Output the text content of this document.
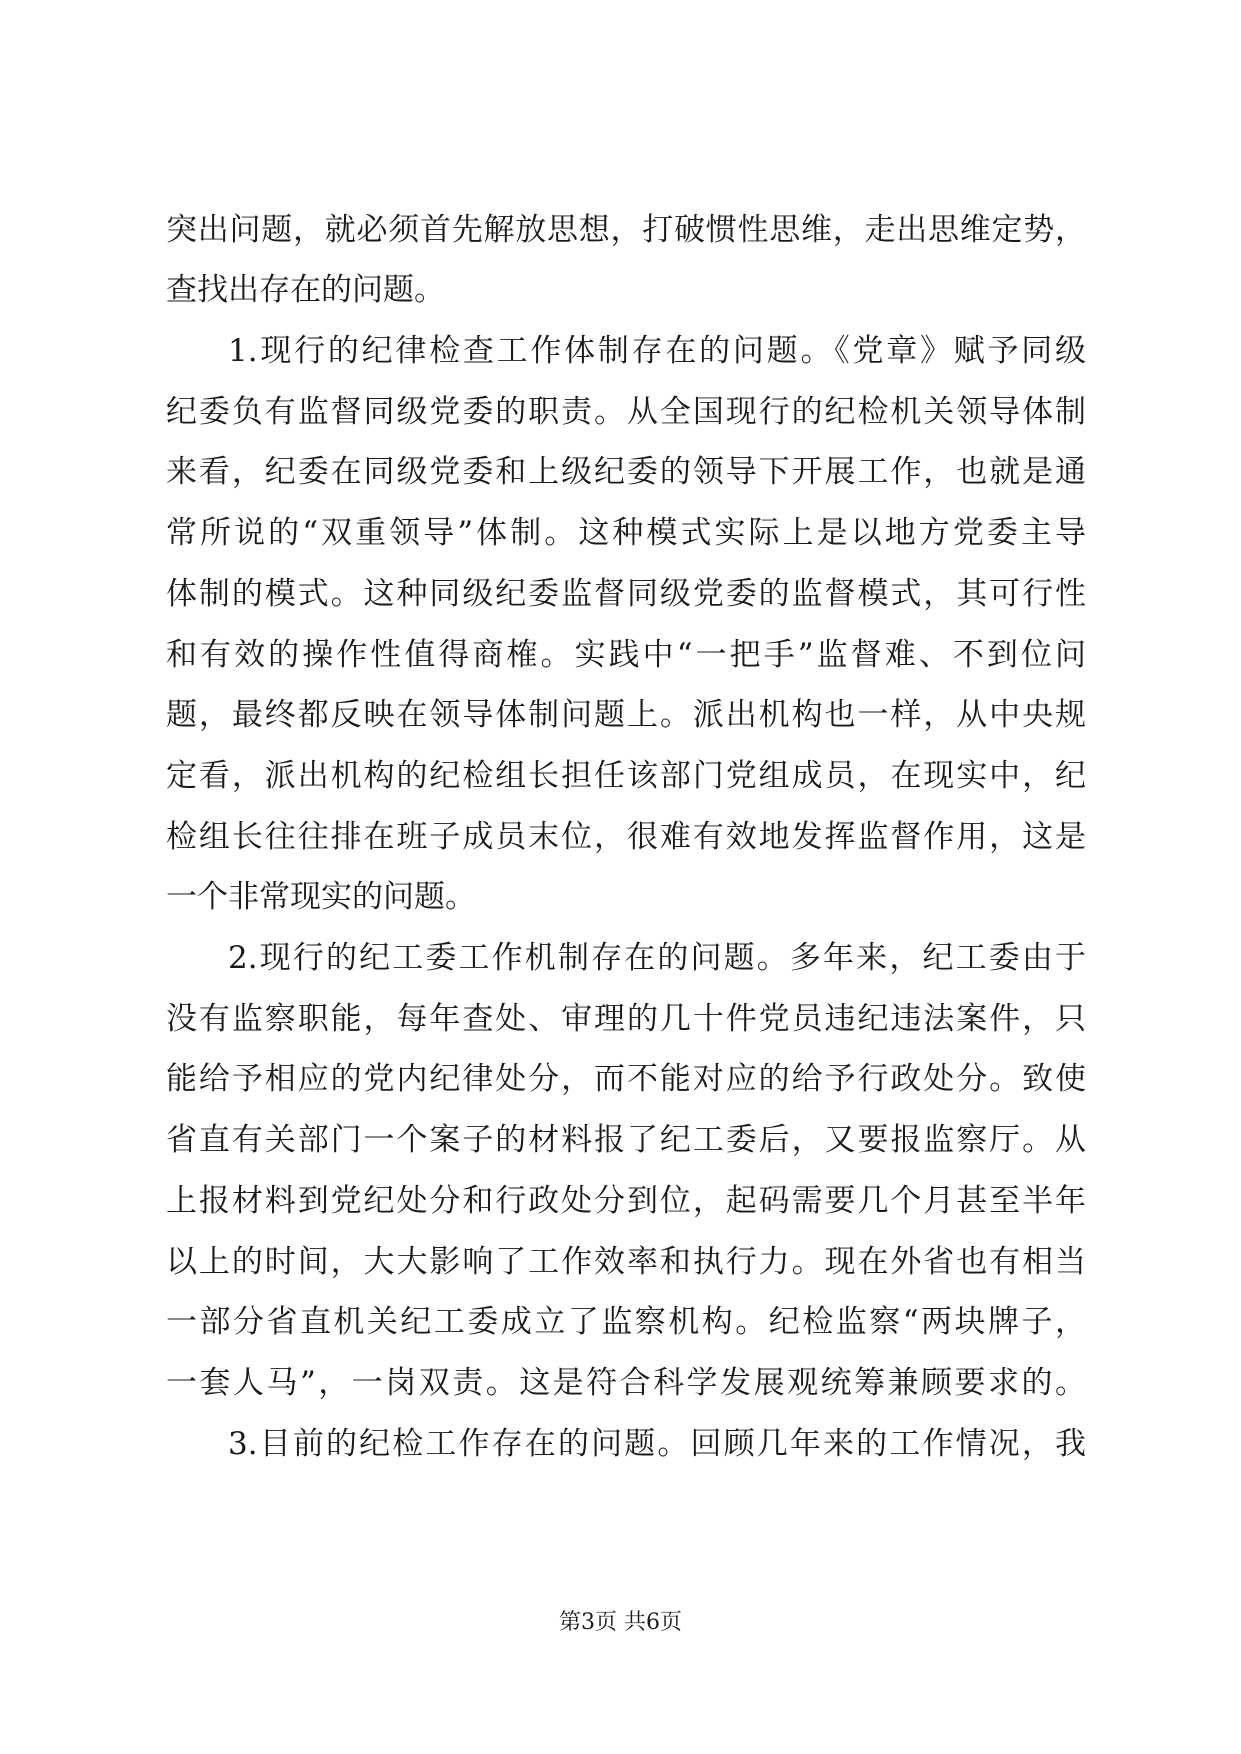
突出问题，就必须首先解放思想，打破惯性思维，走出思维定势，
查找出存在的问题。
1.现行的纪律检查工作体制存在的问题。《党章》赋予同级
纪委负有监督同级党委的职责。从全国现行的纪检机关领导体制
来看，纪委在同级党委和上级纪委的领导下开展工作，也就是通
常所说的“双重领导”体制。这种模式实际上是以地方党委主导
体制的模式。这种同级纪委监督同级党委的监督模式，其可行性
和有效的操作性值得商榷。实践中“一把手”监督难、不到位问
题，最终都反映在领导体制问题上。派出机构也一样，从中央规
定看，派出机构的纪检组长担任该部门党组成员，在现实中，纪
检组长往往排在班子成员末位，很难有效地发挥监督作用，这是
一个非常现实的问题。
2.现行的纪工委工作机制存在的问题。多年来，纪工委由于
没有监察职能，每年查处、审理的几十件党员违纪违法案件，只
能给予相应的党内纪律处分，而不能对应的给予行政处分。致使
省直有关部门一个案子的材料报了纪工委后，又要报监察厅。从
上报材料到党纪处分和行政处分到位，起码需要几个月甚至半年
以上的时间，大大影响了工作效率和执行力。现在外省也有相当
一部分省直机关纪工委成立了监察机构。纪检监察“两块牌子，
一套人马”，一岗双责。这是符合科学发展观统筹兼顾要求的。
3.目前的纪检工作存在的问题。回顾几年来的工作情况，我
第3页 共6页
